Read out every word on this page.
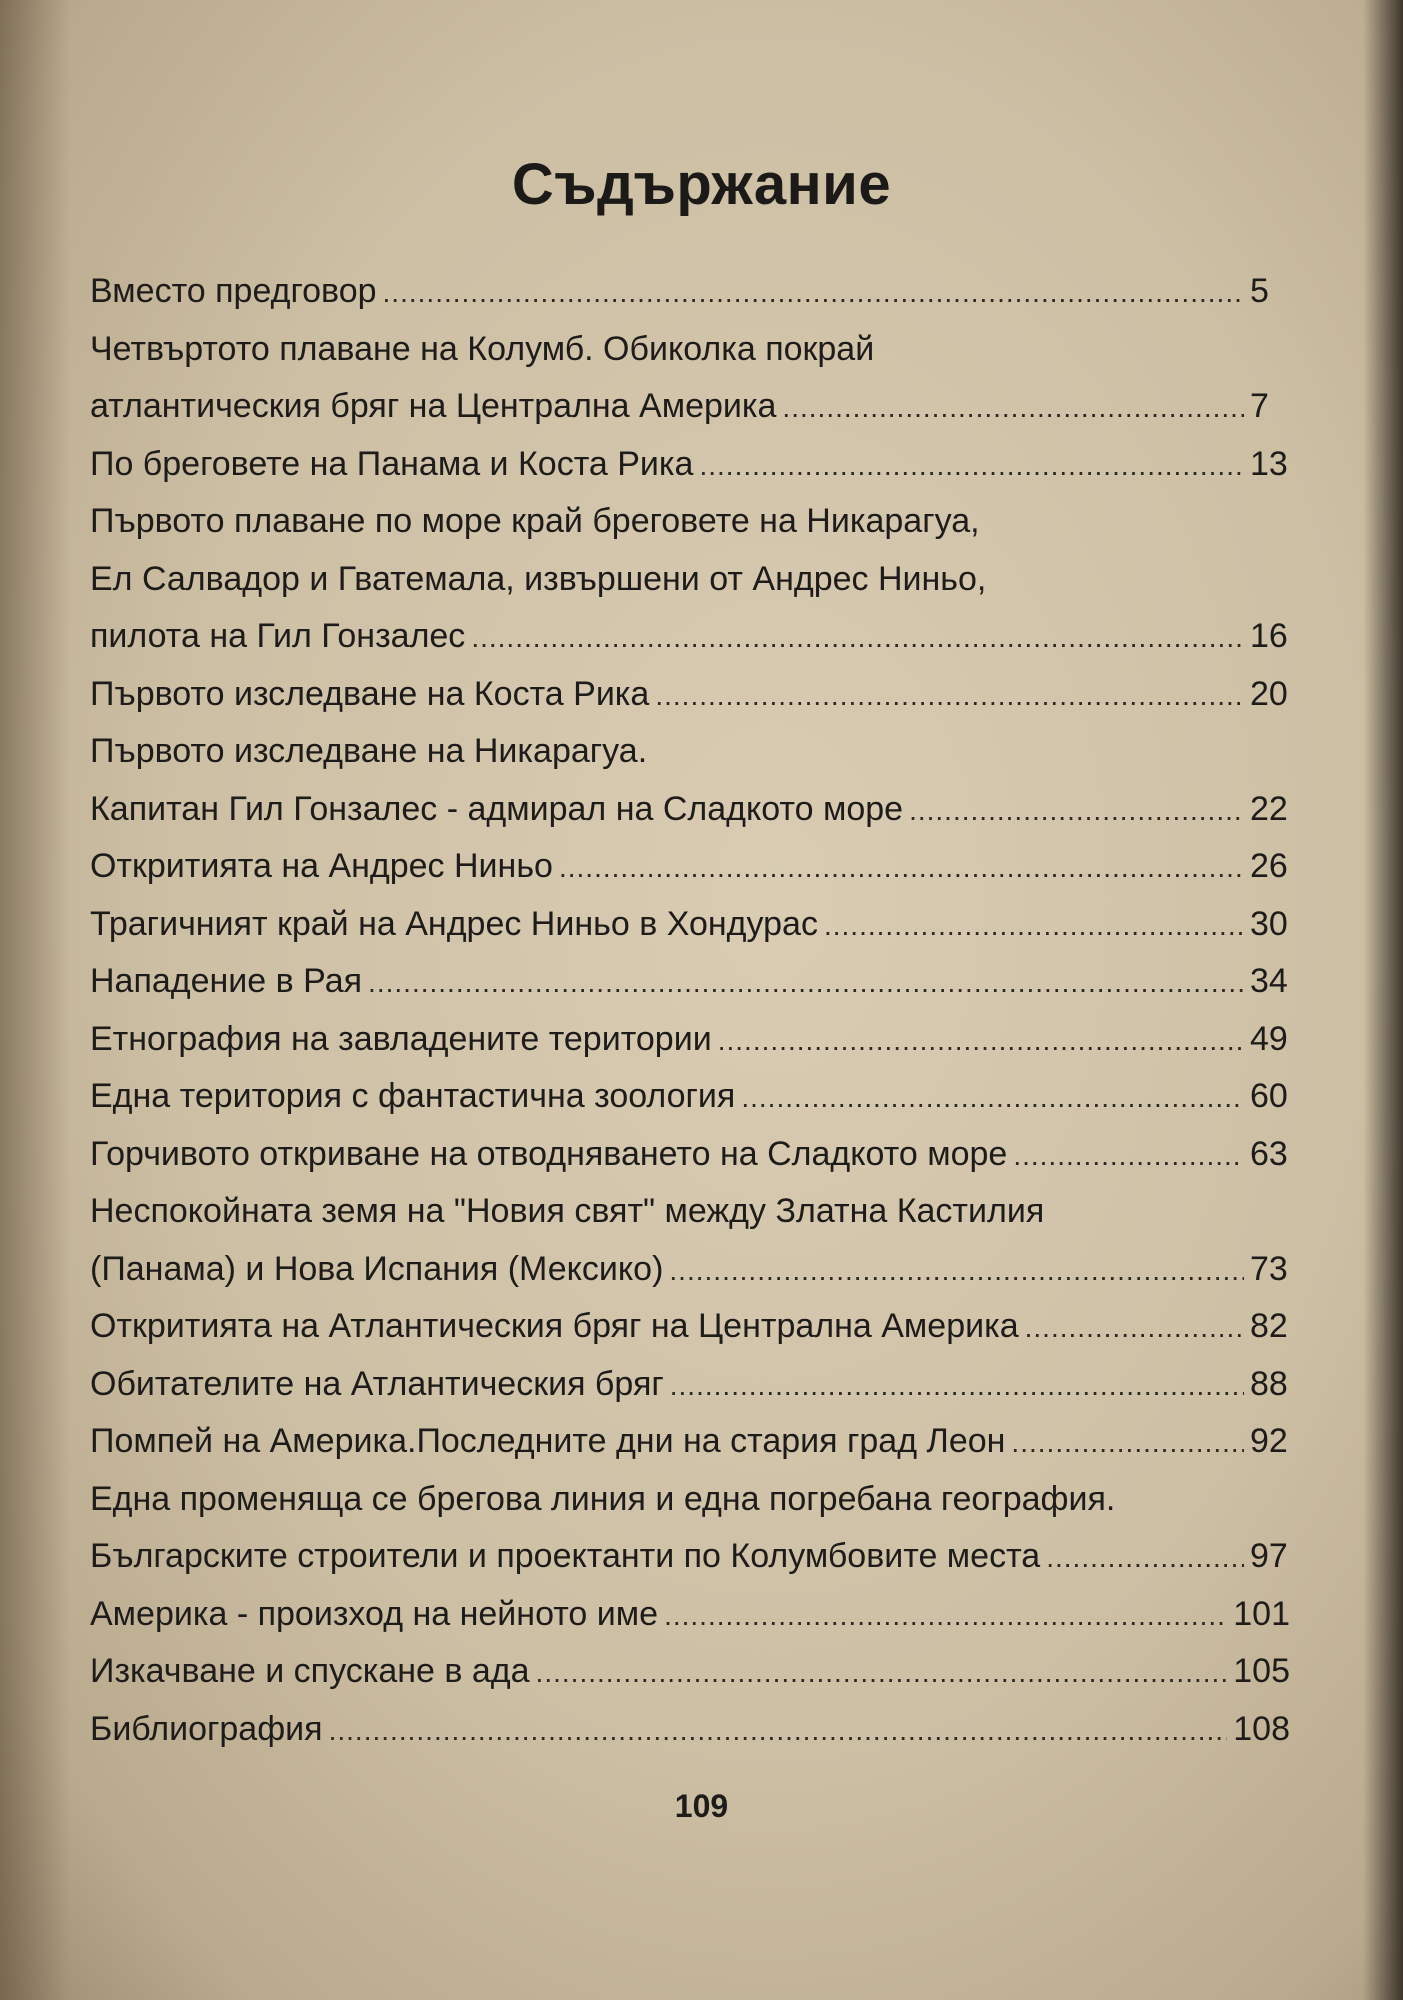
Съдържание
Вместо предговор .....	5
Четвъртото плаване на Колумб. Обиколка покрай
атлантическия бряг на Централна Америка .....	7
По бреговете на Панама и Коста Рика .....	13
Първото плаване по море край бреговете на Никарагуа,
Ел Салвадор и Гватемала, извършени от Андрес Ниньо,
пилота на Гил Гонзалес .....	16
Първото изследване на Коста Рика .....	20
Първото изследване на Никарагуа.
Капитан Гил Гонзалес - адмирал на Сладкото море .....	22
Откритията на Андрес Ниньо .....	26
Трагичният край на Андрес Ниньо в Хондурас .....	30
Нападение в Рая .....	34
Етнография на завладените територии .....	49
Една територия с фантастична зоология .....	60
Горчивото откриване на отводняването на Сладкото море .....	63
Неспокойната земя на "Новия свят" между Златна Кастилия
(Панама) и Нова Испания (Мексико) .....	73
Откритията на Атлантическия бряг на Централна Америка .....	82
Обитателите на Атлантическия бряг .....	88
Помпей на Америка.Последните дни на стария град Леон .....	92
Една променяща се брегова линия и една погребана география.
Българските строители и проектанти по Колумбовите места .....	97
Америка - произход на нейното име .....	101
Изкачване и спускане в ада .....	105
Библиография .....	108
109
